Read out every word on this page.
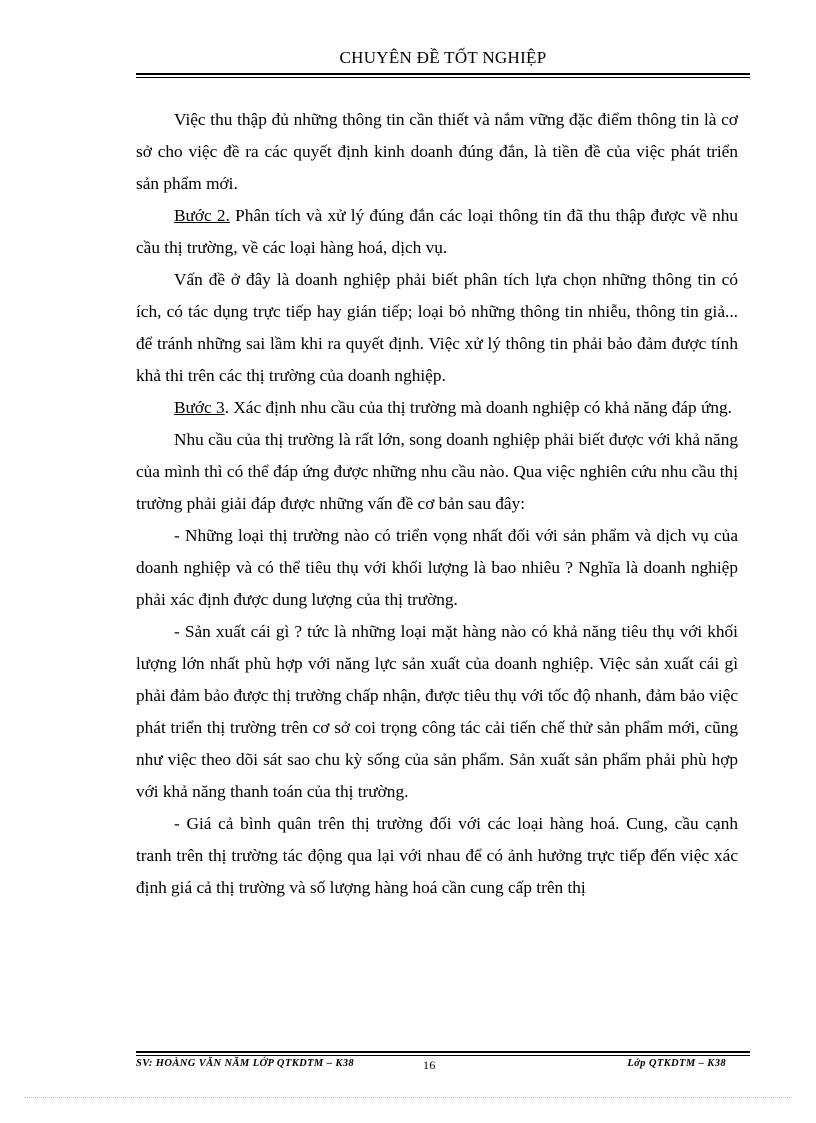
CHUYÊN ĐỀ TỐT NGHIỆP

Việc thu thập đủ những thông tin cần thiết và nắm vững đặc điểm thông tin là cơ sở cho việc đề ra các quyết định kinh doanh đúng đắn, là tiền đề của việc phát triển sản phẩm mới.

Bước 2. Phân tích và xử lý đúng đắn các loại thông tin đã thu thập được về nhu cầu thị trường, về các loại hàng hoá, dịch vụ.

Vấn đề ở đây là doanh nghiệp phải biết phân tích lựa chọn những thông tin có ích, có tác dụng trực tiếp hay gián tiếp; loại bỏ những thông tin nhiễu, thông tin giả... để tránh những sai lầm khi ra quyết định. Việc xử lý thông tin phải bảo đảm được tính khả thi trên các thị trường của doanh nghiệp.

Bước 3. Xác định nhu cầu của thị trường mà doanh nghiệp có khả năng đáp ứng.

Nhu cầu của thị trường là rất lớn, song doanh nghiệp phải biết được với khả năng của mình thì có thể đáp ứng được những nhu cầu nào. Qua việc nghiên cứu nhu cầu thị trường phải giải đáp được những vấn đề cơ bản sau đây:

- Những loại thị trường nào có triển vọng nhất đối với sản phẩm và dịch vụ của doanh nghiệp và có thể tiêu thụ với khối lượng là bao nhiêu ? Nghĩa là doanh nghiệp phải xác định được dung lượng của thị trường.

- Sản xuất cái gì ? tức là những loại mặt hàng nào có khả năng tiêu thụ với khối lượng lớn nhất phù hợp với năng lực sản xuất của doanh nghiệp. Việc sản xuất cái gì phải đảm bảo được thị trường chấp nhận, được tiêu thụ với tốc độ nhanh, đảm bảo việc phát triển thị trường trên cơ sở coi trọng công tác cải tiến chế thử sản phẩm mới, cũng như việc theo dõi sát sao chu kỳ sống của sản phẩm. Sản xuất sản phẩm phải phù hợp với khả năng thanh toán của thị trường.

- Giá cả bình quân trên thị trường đối với các loại hàng hoá. Cung, cầu cạnh tranh trên thị trường tác động qua lại với nhau để có ảnh hưởng trực tiếp đến việc xác định giá cả thị trường và số lượng hàng hoá cần cung cấp trên thị

SV: HOÀNG VĂN NĂM LỚP QTKDTM – K38	16	Lớp QTKDTM – K38
